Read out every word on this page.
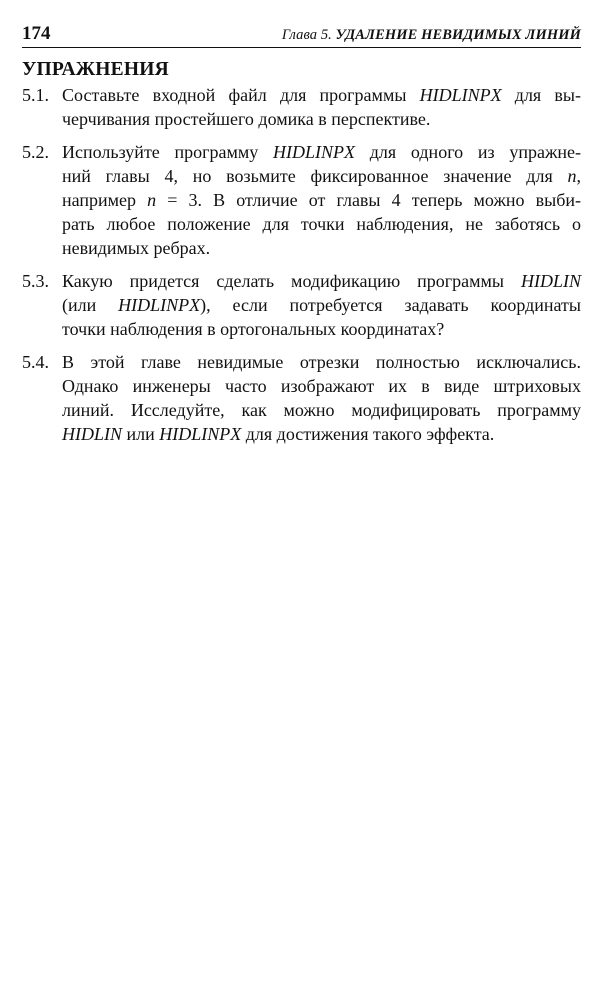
174	Глава 5. УДАЛЕНИЕ НЕВИДИМЫХ ЛИНИЙ
УПРАЖНЕНИЯ
5.1. Составьте входной файл для программы HIDLINPX для вы-
черчивания простейшего домика в перспективе.
5.2. Используйте программу HIDLINPX для одного из упражне-
ний главы 4, но возьмите фиксированное значение для n,
например n = 3. В отличие от главы 4 теперь можно выби-
рать любое положение для точки наблюдения, не заботясь о
невидимых ребрах.
5.3. Какую придется сделать модификацию программы HIDLIN
(или HIDLINPX), если потребуется задавать координаты
точки наблюдения в ортогональных координатах?
5.4. В этой главе невидимые отрезки полностью исключались.
Однако инженеры часто изображают их в виде штриховых
линий. Исследуйте, как можно модифицировать программу
HIDLIN или HIDLINPX для достижения такого эффекта.
